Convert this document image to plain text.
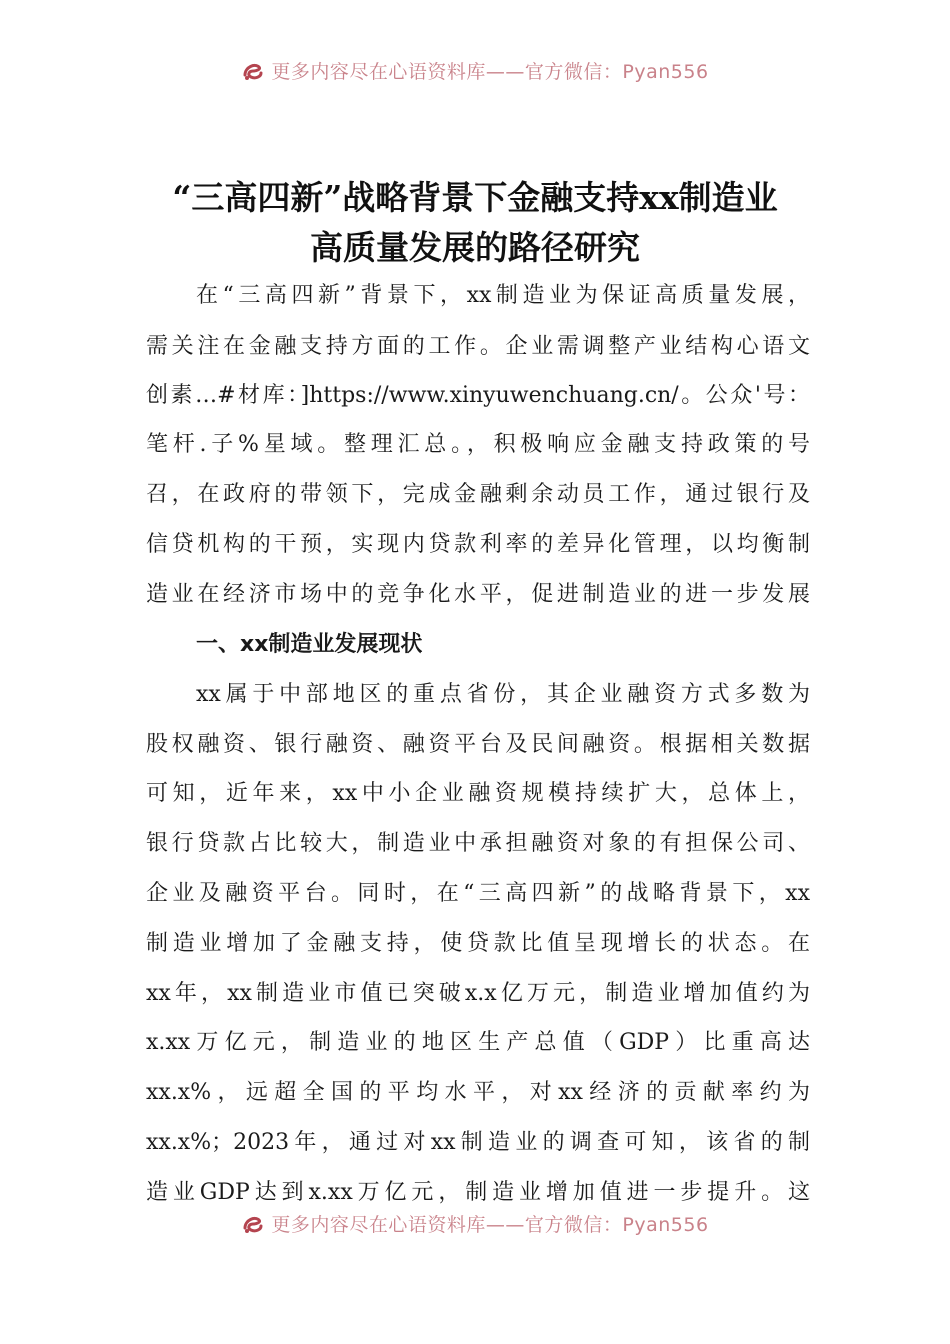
更多内容尽在心语资料库——官方微信：Pyan556
“三高四新”战略背景下金融支持xx制造业
高质量发展的路径研究

在“三高四新”背景下，xx制造业为保证高质量发展，

需关注在金融支持方面的工作。企业需调整产业结构心语文

创素…#材库：]https://www.xinyuwenchuang.cn/。公众'号：

笔杆.子%星域。整理汇总。，积极响应金融支持政策的号

召，在政府的带领下，完成金融剩余动员工作，通过银行及

信贷机构的干预，实现内贷款利率的差异化管理，以均衡制

造业在经济市场中的竞争化水平，促进制造业的进一步发展

一、xx制造业发展现状

xx属于中部地区的重点省份，其企业融资方式多数为

股权融资、银行融资、融资平台及民间融资。根据相关数据

可知，近年来，xx中小企业融资规模持续扩大，总体上，

银行贷款占比较大，制造业中承担融资对象的有担保公司、

企业及融资平台。同时，在“三高四新”的战略背景下，xx

制造业增加了金融支持，使贷款比值呈现增长的状态。在

xx年，xx制造业市值已突破x.x亿万元，制造业增加值约为

x.xx万亿元，制造业的地区生产总值（GDP）比重高达

xx.x%，远超全国的平均水平，对xx经济的贡献率约为

xx.x%；2023年，通过对xx制造业的调查可知，该省的制

造业GDP达到x.xx万亿元，制造业增加值进一步提升。这

更多内容尽在心语资料库——官方微信：Pyan556
